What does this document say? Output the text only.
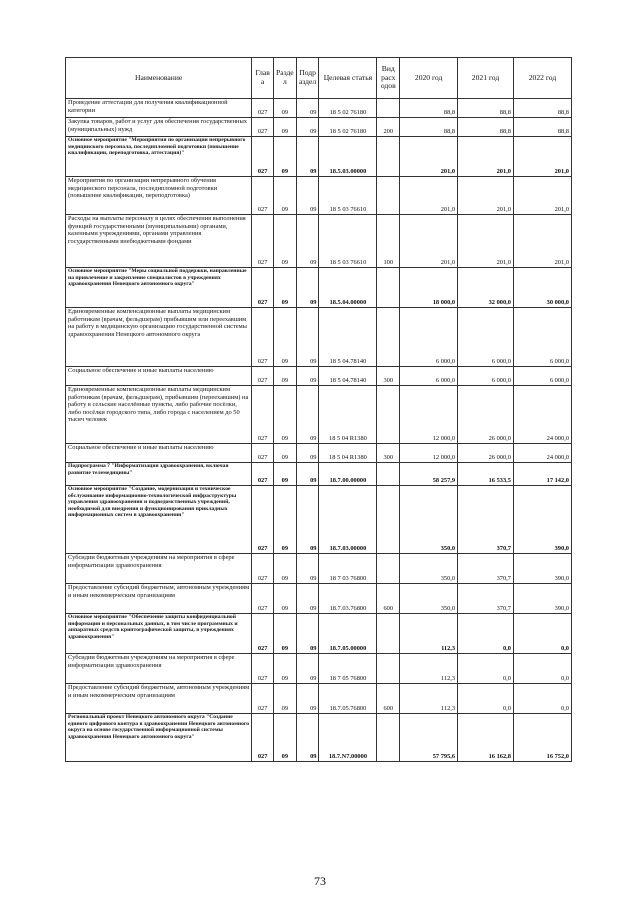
Наименование	Глав а	Разде л	Подр аздел	Целевая статья	Вид расх одов	2020 год	2021 год	2022 год
Проведение аттестации для получения квалификационной категории	027	09	09	18 5 02 76180		88,8	88,8	88,8
Закупка товаров, работ и услуг для обеспечения государственных (муниципальных) нужд	027	09	09	18 5 02 76180	200	88,8	88,8	88,8
Основное мероприятие "Мероприятия по организации непрерывного медицинского персонала, последипломной подготовки (повышение квалификации, переподготовка, аттестация)"	027	09	09	18.5.03.00000		201,0	201,0	201,0
Мероприятия по организации непрерывного обучения медицинского персонала, последипломной подготовки (повышение квалификации, переподготовка)	027	09	09	18 5 03 76610		201,0	201,0	201,0
Расходы на выплаты персоналу в целях обеспечения выполнения функций государственными (муниципальными) органами, казенными учреждениями, органами управления государственными внебюджетными фондами	027	09	09	18 5 03 76610	100	201,0	201,0	201,0
Основное мероприятие "Меры социальной поддержки, направленные на привлечение и закрепление специалистов в учреждениях здравоохранения Ненецкого автономного округа"	027	09	09	18.5.04.00000		18 000,0	32 000,0	30 000,0
Единовременные компенсационные выплаты медицинским работникам (врачам, фельдшерам) прибывшим или переехавшим на работу в медицинскую организацию государственной системы здравоохранения Ненецкого автономного округа	027	09	09	18 5 04.78140		6 000,0	6 000,0	6 000,0
Социальное обеспечение и иные выплаты населению	027	09	09	18 5 04.78140	300	6 000,0	6 000,0	6 000,0
Единовременные компенсационные выплаты медицинским работникам (врачам, фельдшерам), прибывшим (переехавшим) на работу в сельские населённые пункты, либо рабочие посёлки, либо посёлки городского типа, либо города с населением до 50 тысяч человек	027	09	09	18 5 04 R1380		12 000,0	26 000,0	24 000,0
Социальное обеспечение и иные выплаты населению	027	09	09	18 5 04 R1380	300	12 000,0	26 000,0	24 000,0
Подпрограмма 7 "Информатизация здравоохранения, включая развитие телемедицины"	027	09	09	18.7.00.00000		58 257,9	16 533,5	17 142,0
Основное мероприятие "Создание, модернизация и техническое обслуживание информационно-технологической инфраструктуры управления здравоохранения и подведомственных учреждений, необходимой для внедрения и функционирования прикладных информационных систем в здравоохранении"	027	09	09	18.7.03.00000		350,0	370,7	390,0
Субсидии бюджетным учреждениям на мероприятия в сфере информатизации здравоохранения	027	09	09	18 7 03 76800		350,0	370,7	390,0
Предоставление субсидий бюджетным, автономным учреждениям и иным некоммерческим организациям	027	09	09	18.7.03.76800	600	350,0	370,7	390,0
Основное мероприятие "Обеспечение защиты конфиденциальной информации и персональных данных, в том числе программных и аппаратных средств криптографической защиты, в учреждениях здравоохранения"	027	09	09	18.7.05.00000		112,3	0,0	0,0
Субсидии бюджетным учреждениям на мероприятия в сфере информатизации здравоохранения	027	09	09	18 7 05 76800		112,3	0,0	0,0
Предоставление субсидий бюджетным, автономным учреждениям и иным некоммерческим организациям	027	09	09	18.7.05.76800	600	112,3	0,0	0,0
Региональный проект Ненецкого автономного округа "Создание единого цифрового контура в здравоохранении Ненецкого автономного округа на основе государственной информационной системы здравоохранения Ненецкого автономного округа"	027	09	09	18.7.N7.00000		57 795,6	16 162,8	16 752,0
73
